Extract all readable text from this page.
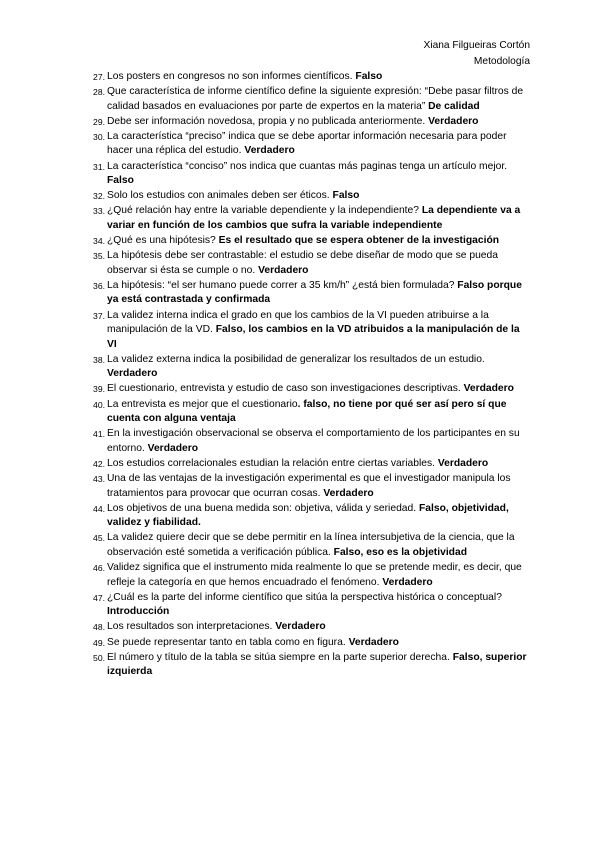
Xiana Filgueiras Cortón
Metodología
27. Los posters en congresos no son informes científicos. Falso
28. Que característica de informe científico define la siguiente expresión: “Debe pasar filtros de calidad basados en evaluaciones por parte de expertos en la materia” De calidad
29. Debe ser información novedosa, propia y no publicada anteriormente. Verdadero
30. La característica “preciso” indica que se debe aportar información necesaria para poder hacer una réplica del estudio. Verdadero
31. La característica “conciso” nos indica que cuantas más paginas tenga un artículo mejor. Falso
32. Solo los estudios con animales deben ser éticos. Falso
33. ¿Qué relación hay entre la variable dependiente y la independiente? La dependiente va a variar en función de los cambios que sufra la variable independiente
34. ¿Qué es una hipótesis? Es el resultado que se espera obtener de la investigación
35. La hipótesis debe ser contrastable: el estudio se debe diseñar de modo que se pueda observar si ésta se cumple o no. Verdadero
36. La hipótesis: “el ser humano puede correr a 35 km/h” ¿está bien formulada? Falso porque ya está contrastada y confirmada
37. La validez interna indica el grado en que los cambios de la VI pueden atribuirse a la manipulación de la VD. Falso, los cambios en la VD atribuidos a la manipulación de la VI
38. La validez externa indica la posibilidad de generalizar los resultados de un estudio. Verdadero
39. El cuestionario, entrevista y estudio de caso son investigaciones descriptivas. Verdadero
40. La entrevista es mejor que el cuestionario. falso, no tiene por qué ser así pero sí que cuenta con alguna ventaja
41. En la investigación observacional se observa el comportamiento de los participantes en su entorno. Verdadero
42. Los estudios correlacionales estudian la relación entre ciertas variables. Verdadero
43. Una de las ventajas de la investigación experimental es que el investigador manipula los tratamientos para provocar que ocurran cosas. Verdadero
44. Los objetivos de una buena medida son: objetiva, válida y seriedad. Falso, objetividad, validez y fiabilidad.
45. La validez quiere decir que se debe permitir en la línea intersubjetiva de la ciencia, que la observación esté sometida a verificación pública. Falso, eso es la objetividad
46. Validez significa que el instrumento mida realmente lo que se pretende medir, es decir, que refleje la categoría en que hemos encuadrado el fenómeno. Verdadero
47. ¿Cuál es la parte del informe científico que sitúa la perspectiva histórica o conceptual? Introducción
48. Los resultados son interpretaciones. Verdadero
49. Se puede representar tanto en tabla como en figura. Verdadero
50. El número y título de la tabla se sitúa siempre en la parte superior derecha. Falso, superior izquierda
